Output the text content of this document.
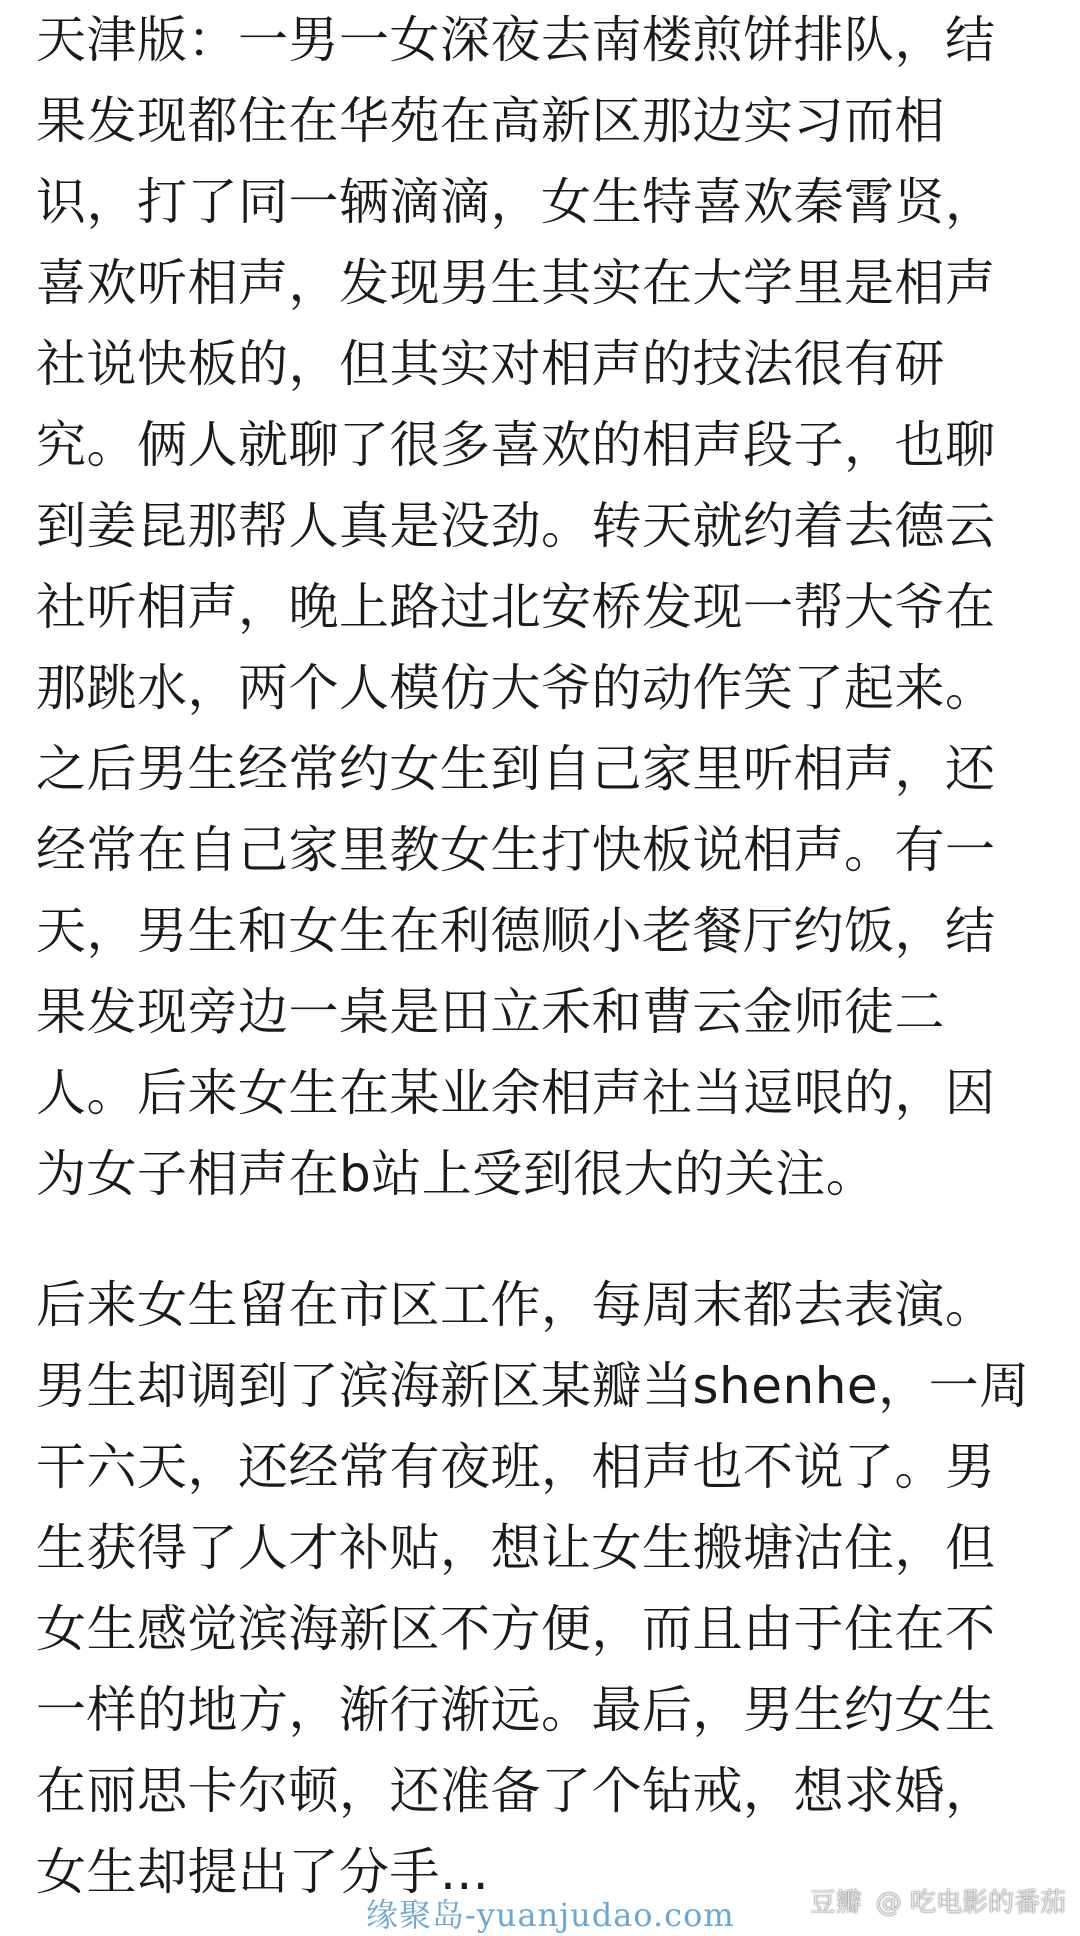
天津版：一男一女深夜去南楼煎饼排队，结
果发现都住在华苑在高新区那边实习而相
识，打了同一辆滴滴，女生特喜欢秦霄贤，
喜欢听相声，发现男生其实在大学里是相声
社说快板的，但其实对相声的技法很有研
究。俩人就聊了很多喜欢的相声段子，也聊
到姜昆那帮人真是没劲。转天就约着去德云
社听相声，晚上路过北安桥发现一帮大爷在
那跳水，两个人模仿大爷的动作笑了起来。
之后男生经常约女生到自己家里听相声，还
经常在自己家里教女生打快板说相声。有一
天，男生和女生在利德顺小老餐厅约饭，结
果发现旁边一桌是田立禾和曹云金师徒二
人。后来女生在某业余相声社当逗哏的，因
为女子相声在b站上受到很大的关注。
后来女生留在市区工作，每周末都去表演。
男生却调到了滨海新区某瓣当shenhe，一周
干六天，还经常有夜班，相声也不说了。男
生获得了人才补贴，想让女生搬塘沽住，但
女生感觉滨海新区不方便，而且由于住在不
一样的地方，渐行渐远。最后，男生约女生
在丽思卡尔顿，还准备了个钻戒，想求婚，
女生却提出了分手...
缘聚岛-yuanjudao.com	豆瓣 @ 吃电影的番茄
